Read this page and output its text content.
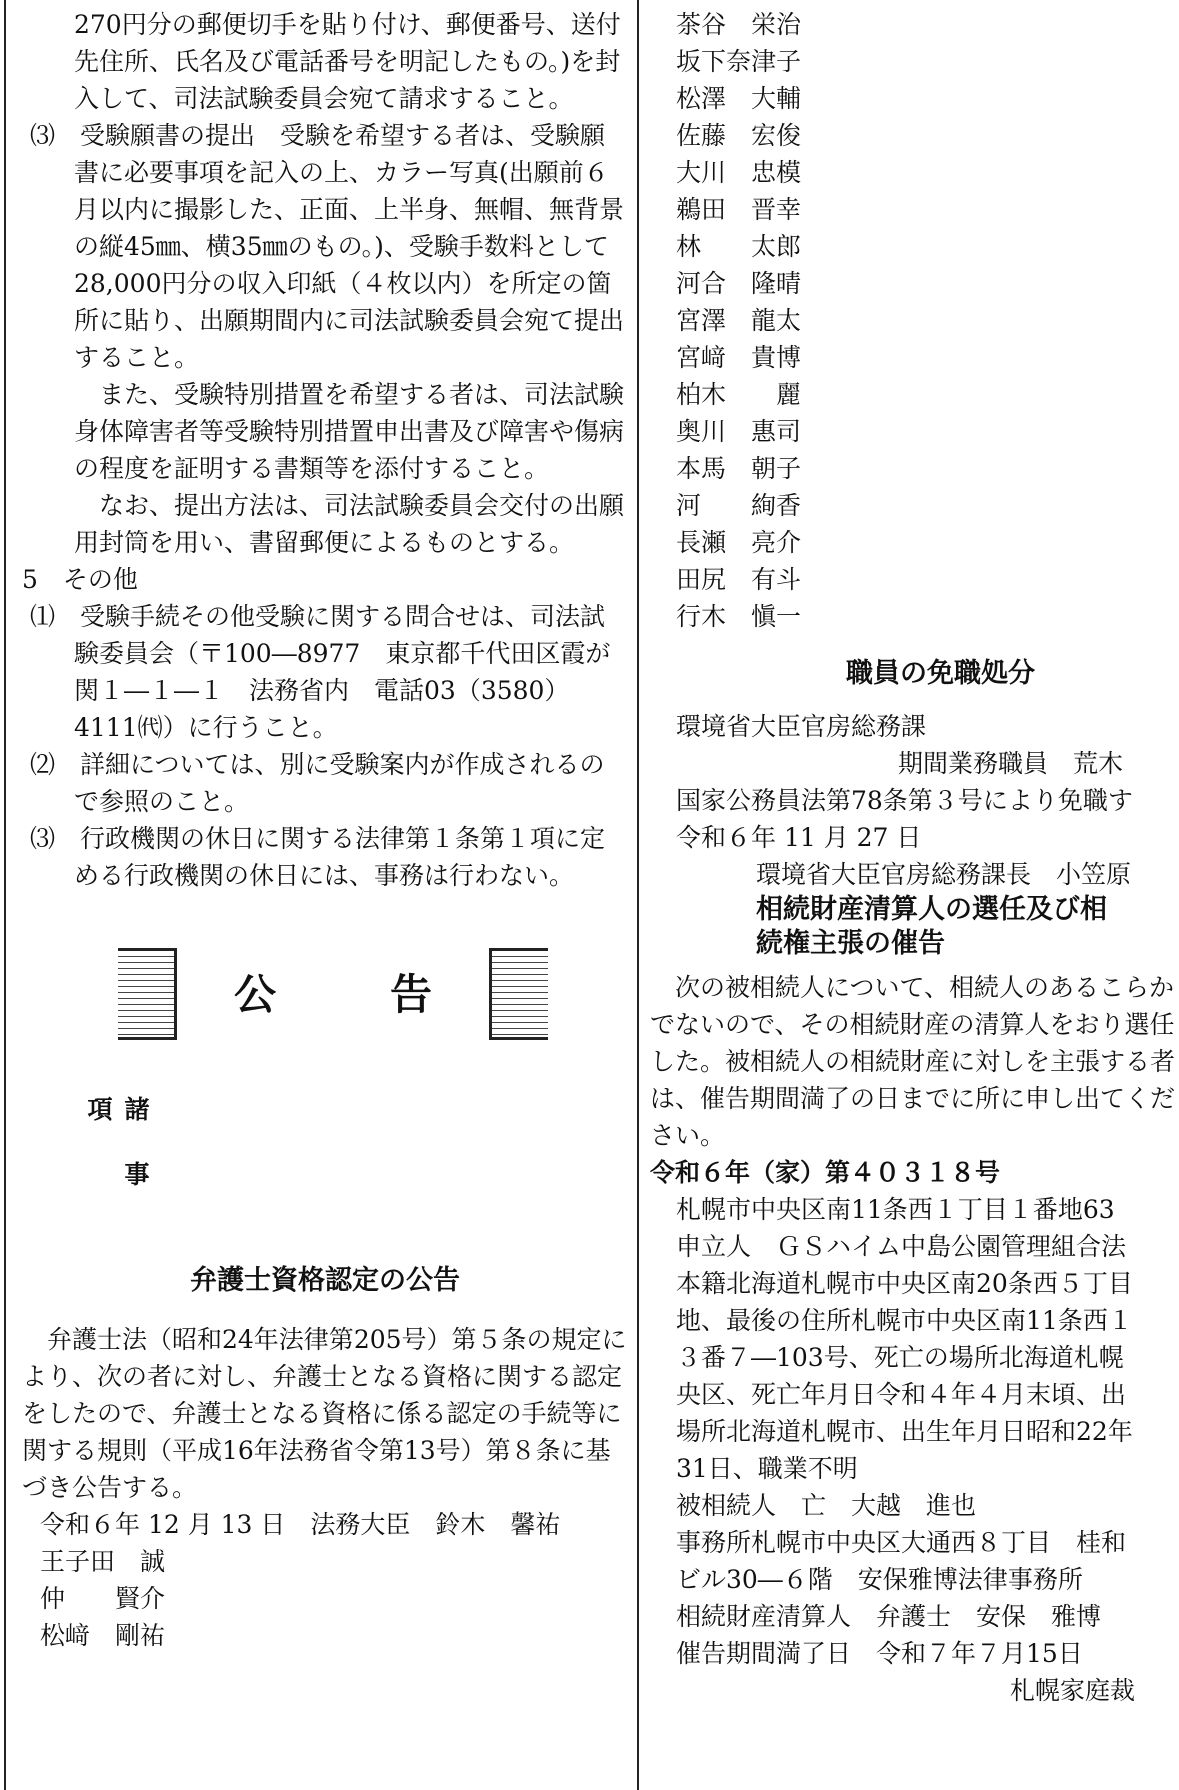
270円分の郵便切手を貼り付け、郵便番号、送付先住所、氏名及び電話番号を明記したもの。)を封入して、司法試験委員会宛て請求すること。

⑶　受験願書の提出　受験を希望する者は、受験願書に必要事項を記入の上、カラー写真(出願前６月以内に撮影した、正面、上半身、無帽、無背景の縦45㎜、横35㎜のもの。)、受験手数料として28,000円分の収入印紙（４枚以内）を所定の箇所に貼り、出願期間内に司法試験委員会宛て提出すること。

また、受験特別措置を希望する者は、司法試験身体障害者等受験特別措置申出書及び障害や傷病の程度を証明する書類等を添付すること。

なお、提出方法は、司法試験委員会交付の出願用封筒を用い、書留郵便によるものとする。

5　その他

⑴　受験手続その他受験に関する問合せは、司法試験委員会（〒100―8977　東京都千代田区霞が関１―１―１　法務省内　電話03（3580）4111㈹）に行うこと。

⑵　詳細については、別に受験案内が作成されるので参照のこと。

⑶　行政機関の休日に関する法律第１条第１項に定める行政機関の休日には、事務は行わない。

公	告
諸事項

弁護士資格認定の公告

弁護士法（昭和24年法律第205号）第５条の規定により、次の者に対し、弁護士となる資格に関する認定をしたので、弁護士となる資格に係る認定の手続等に関する規則（平成16年法務省令第13号）第８条に基づき公告する。

令和６年 12 月 13 日　法務大臣　鈴木　馨祐

王子田　誠

仲　　賢介

松﨑　剛祐

茶谷　栄治

坂下奈津子

松澤　大輔

佐藤　宏俊

大川　忠模

鵜田　晋幸

林　　太郎

河合　隆晴

宮澤　龍太

宮﨑　貴博

柏木　　麗

奥川　惠司

本馬　朝子

河　　絢香

長瀬　亮介

田尻　有斗

行木　愼一

職員の免職処分

環境省大臣官房総務課

期間業務職員　荒木

国家公務員法第78条第３号により免職す

令和６年 11 月 27 日

環境省大臣官房総務課長　小笠原

相続財産清算人の選任及び相

続権主張の催告

次の被相続人について、相続人のあるこらかでないので、その相続財産の清算人をおり選任した。被相続人の相続財産に対しを主張する者は、催告期間満了の日までに所に申し出てください。

令和６年（家）第４０３１８号

札幌市中央区南11条西１丁目１番地63

申立人　ＧＳハイム中島公園管理組合法

本籍北海道札幌市中央区南20条西５丁目

地、最後の住所札幌市中央区南11条西１

３番７―103号、死亡の場所北海道札幌

央区、死亡年月日令和４年４月末頃、出

場所北海道札幌市、出生年月日昭和22年

31日、職業不明

被相続人　亡　大越　進也

事務所札幌市中央区大通西８丁目　桂和

ビル30―６階　安保雅博法律事務所

相続財産清算人　弁護士　安保　雅博

催告期間満了日　令和７年７月15日

札幌家庭裁
